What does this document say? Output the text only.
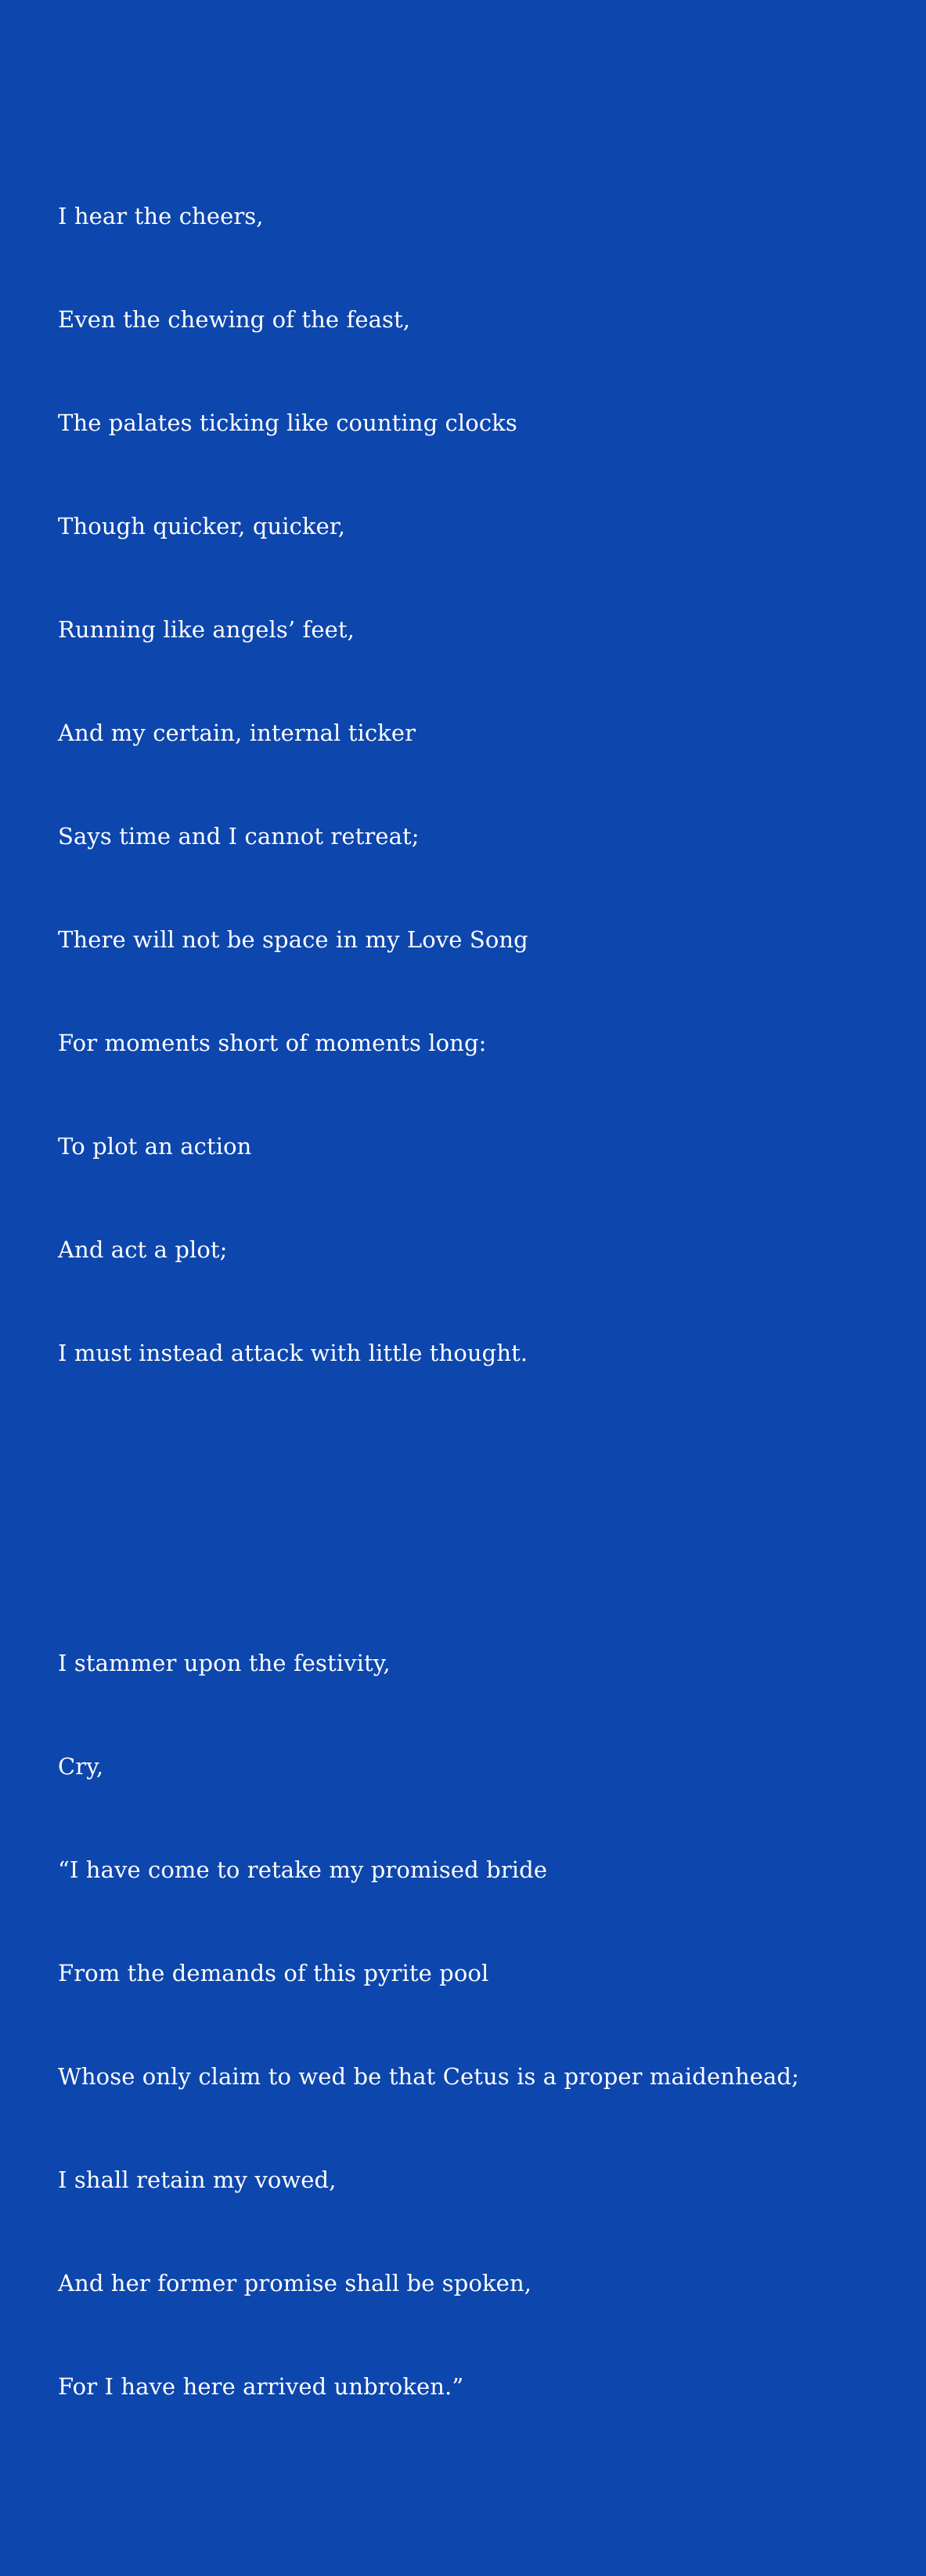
I hear the cheers,

Even the chewing of the feast,

The palates ticking like counting clocks

Though quicker, quicker,

Running like angels’ feet,

And my certain, internal ticker

Says time and I cannot retreat;

There will not be space in my Love Song

For moments short of moments long:

To plot an action

And act a plot;

I must instead attack with little thought.

I stammer upon the festivity,

Cry,

“I have come to retake my promised bride

From the demands of this pyrite pool

Whose only claim to wed be that Cetus is a proper maidenhead;

I shall retain my vowed,

And her former promise shall be spoken,

For I have here arrived unbroken.”
